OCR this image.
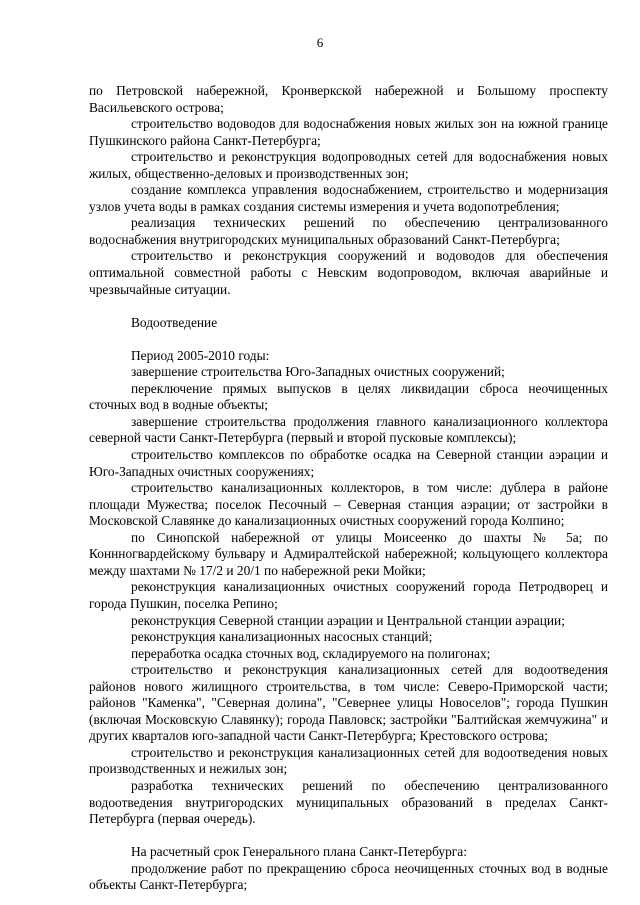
6

по Петровской набережной, Кронверкской набережной и Большому проспекту Васильевского острова;

строительство водоводов для водоснабжения новых жилых зон на южной границе Пушкинского района Санкт-Петербурга;

строительство и реконструкция водопроводных сетей для водоснабжения новых жилых, общественно-деловых и производственных зон;

создание комплекса управления водоснабжением, строительство и модернизация узлов учета воды в рамках создания системы измерения и учета водопотребления;

реализация технических решений по обеспечению централизованного водоснабжения внутригородских муниципальных образований Санкт-Петербурга;

строительство и реконструкция сооружений и водоводов для обеспечения оптимальной совместной работы с Невским водопроводом, включая аварийные и чрезвычайные ситуации.

Водоотведение

Период 2005-2010 годы:

завершение строительства Юго-Западных очистных сооружений;

переключение прямых выпусков в целях ликвидации сброса неочищенных сточных вод в водные объекты;

завершение строительства продолжения главного канализационного коллектора северной части Санкт-Петербурга (первый и второй пусковые комплексы);

строительство комплексов по обработке осадка на Северной станции аэрации и Юго-Западных очистных сооружениях;

строительство канализационных коллекторов, в том числе: дублера в районе площади Мужества; поселок Песочный – Северная станция аэрации; от застройки в Московской Славянке до канализационных очистных сооружений города Колпино;

по Синопской набережной от улицы Моисеенко до шахты № 5а; по Коннногвардейскому бульвару и Адмиралтейской набережной; кольцующего коллектора между шахтами № 17/2 и 20/1 по набережной реки Мойки;

реконструкция канализационных очистных сооружений города Петродворец и города Пушкин, поселка Репино;

реконструкция Северной станции аэрации и Центральной станции аэрации;

реконструкция канализационных насосных станций;

переработка осадка сточных вод, складируемого на полигонах;

строительство и реконструкция канализационных сетей для водоотведения районов нового жилищного строительства, в том числе: Северо-Приморской части; районов "Каменка", "Северная долина", "Севернее улицы Новоселов"; города Пушкин (включая Московскую Славянку); города Павловск; застройки "Балтийская жемчужина" и других кварталов юго-западной части Санкт-Петербурга; Крестовского острова;

строительство и реконструкция канализационных сетей для водоотведения новых производственных и нежилых зон;

разработка технических решений по обеспечению централизованного водоотведения внутригородских муниципальных образований в пределах Санкт-Петербурга (первая очередь).

На расчетный срок Генерального плана Санкт-Петербурга:

продолжение работ по прекращению сброса неочищенных сточных вод в водные объекты Санкт-Петербурга;
